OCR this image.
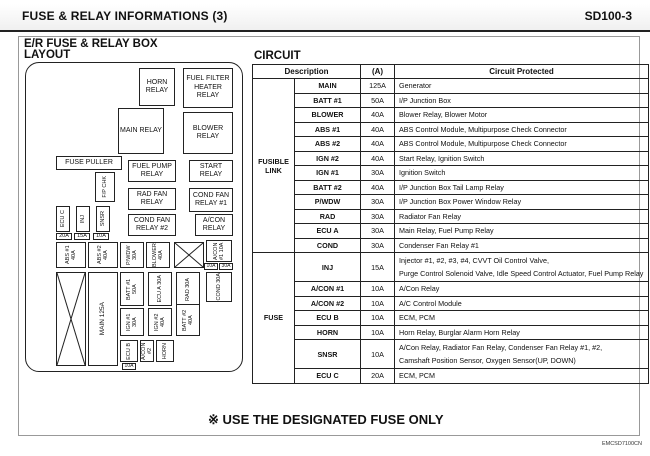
FUSE & RELAY INFORMATIONS (3)	SD100-3
E/R FUSE & RELAY BOX
LAYOUT	CIRCUIT
HORN RELAY
FUEL FILTER HEATER RELAY
MAIN RELAY	BLOWER RELAY
FUSE PULLER
FUEL PUMP RELAY
START RELAY
F/P CHK	RAD FAN RELAY
COND FAN RELAY #1
COND FAN RELAY #2
A/CON RELAY
ECU C	INJ	SNSR
20A	15A	10A
ABS #1 40A	ABS #2 40A	P/WDW 30A	BLOWER 40A	A/CON #1 10A
10A	30A
MAIN 125A
BATT #1 50A	ECU A 30A	RAD 30A	COND 30A
IGN #1 30A	IGN #2 40A	BATT #2 40A
ECU B A/CON #2 HORN
10A
Description		(A)	Circuit Protected
FUSIBLE LINK	MAIN	125A	Generator
	BATT #1	50A	I/P Junction Box
	BLOWER	40A	Blower Relay, Blower Motor
	ABS #1	40A	ABS Control Module, Multipurpose Check Connector
	ABS #2	40A	ABS Control Module, Multipurpose Check Connector
	IGN #2	40A	Start Relay, Ignition Switch
	IGN #1	30A	Ignition Switch
	BATT #2	40A	I/P Junction Box Tail Lamp Relay
	P/WDW	30A	I/P Junction Box Power Window Relay
	RAD	30A	Radiator Fan Relay
	ECU A	30A	Main Relay, Fuel Pump Relay
	COND	30A	Condenser Fan Relay #1
FUSE	INJ	15A	Injector #1, #2, #3, #4, CVVT Oil Control Valve,
Purge Control Solenoid Valve, Idle Speed Control Actuator, Fuel Pump Relay

	A/CON #1	10A	A/Con Relay
	A/CON #2	10A	A/C Control Module
	ECU B	10A	ECM, PCM
	HORN	10A	Horn Relay, Burglar Alarm Horn Relay
	SNSR	10A	A/Con Relay, Radiator Fan Relay, Condenser Fan Relay #1, #2,
Camshaft Position Sensor, Oxygen Sensor(UP, DOWN)

	ECU C	20A	ECM, PCM
※ USE THE DESIGNATED FUSE ONLY
EMCSD7100CN
